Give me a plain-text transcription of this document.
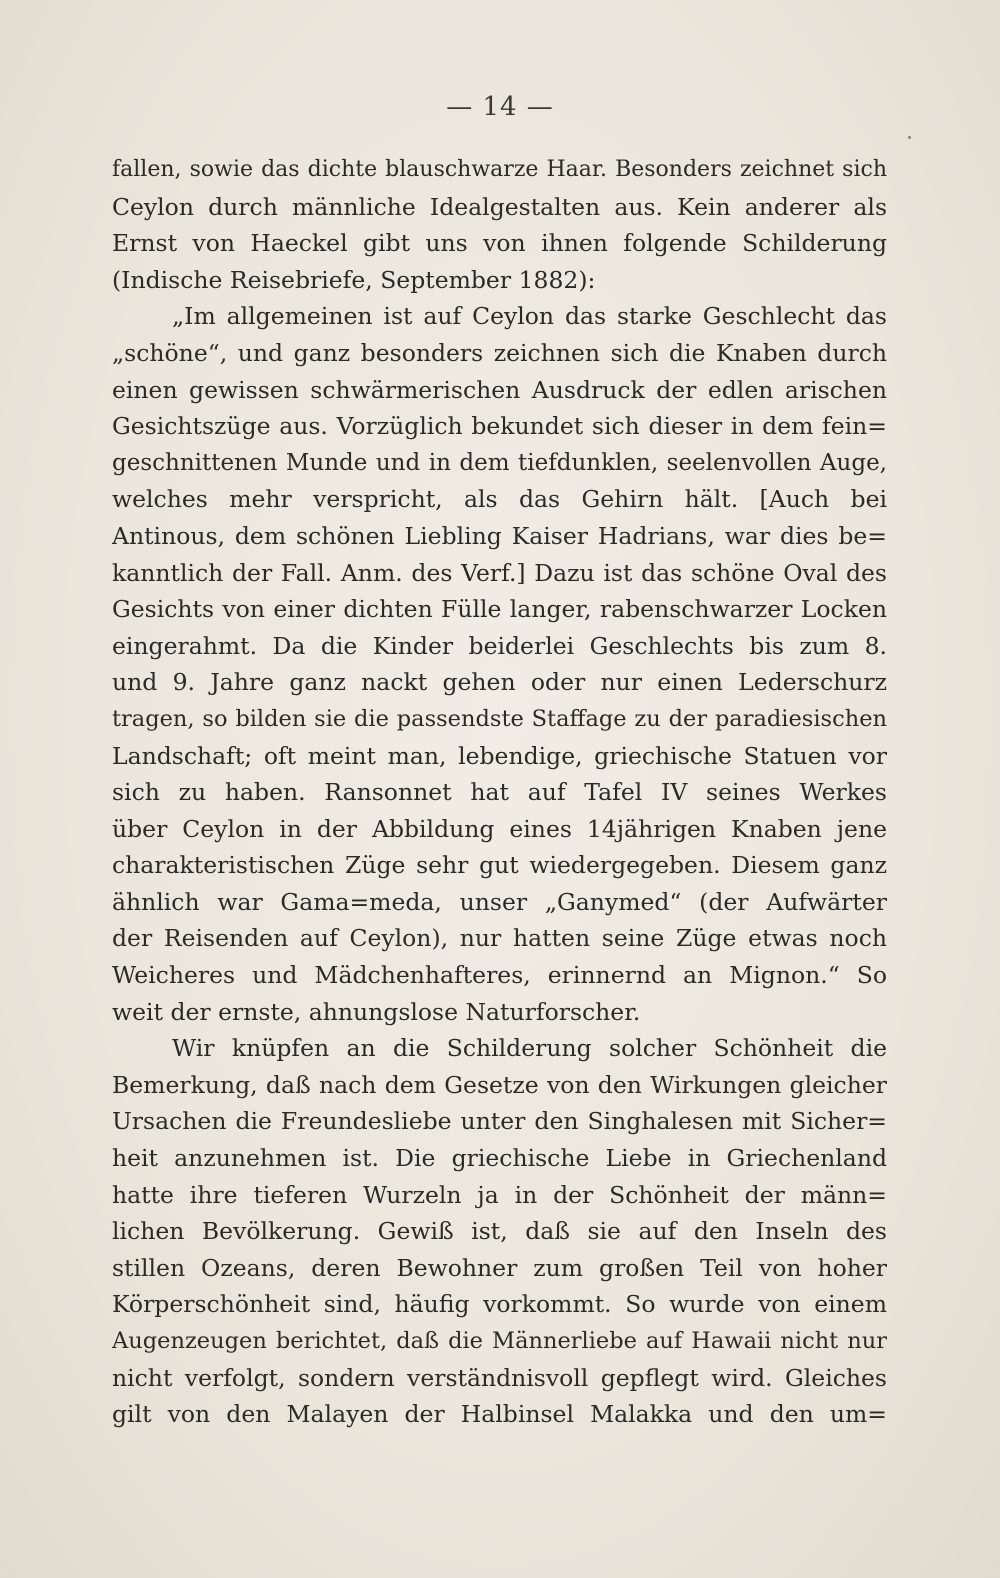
— 14 —
fallen, sowie das dichte blauschwarze Haar. Besonders zeichnet sich
Ceylon durch männliche Idealgestalten aus. Kein anderer als
Ernst von Haeckel gibt uns von ihnen folgende Schilderung
(Indische Reisebriefe, September 1882):
„Im allgemeinen ist auf Ceylon das starke Geschlecht das
„schöne“, und ganz besonders zeichnen sich die Knaben durch
einen gewissen schwärmerischen Ausdruck der edlen arischen
Gesichtszüge aus. Vorzüglich bekundet sich dieser in dem fein=
geschnittenen Munde und in dem tiefdunklen, seelenvollen Auge,
welches mehr verspricht, als das Gehirn hält. [Auch bei
Antinous, dem schönen Liebling Kaiser Hadrians, war dies be=
kanntlich der Fall. Anm. des Verf.] Dazu ist das schöne Oval des
Gesichts von einer dichten Fülle langer, rabenschwarzer Locken
eingerahmt. Da die Kinder beiderlei Geschlechts bis zum 8.
und 9. Jahre ganz nackt gehen oder nur einen Lederschurz
tragen, so bilden sie die passendste Staffage zu der paradiesischen
Landschaft; oft meint man, lebendige, griechische Statuen vor
sich zu haben. Ransonnet hat auf Tafel IV seines Werkes
über Ceylon in der Abbildung eines 14jährigen Knaben jene
charakteristischen Züge sehr gut wiedergegeben. Diesem ganz
ähnlich war Gama=meda, unser „Ganymed“ (der Aufwärter
der Reisenden auf Ceylon), nur hatten seine Züge etwas noch
Weicheres und Mädchenhafteres, erinnernd an Mignon.“ So
weit der ernste, ahnungslose Naturforscher.
Wir knüpfen an die Schilderung solcher Schönheit die
Bemerkung, daß nach dem Gesetze von den Wirkungen gleicher
Ursachen die Freundesliebe unter den Singhalesen mit Sicher=
heit anzunehmen ist. Die griechische Liebe in Griechenland
hatte ihre tieferen Wurzeln ja in der Schönheit der männ=
lichen Bevölkerung. Gewiß ist, daß sie auf den Inseln des
stillen Ozeans, deren Bewohner zum großen Teil von hoher
Körperschönheit sind, häufig vorkommt. So wurde von einem
Augenzeugen berichtet, daß die Männerliebe auf Hawaii nicht nur
nicht verfolgt, sondern verständnisvoll gepflegt wird. Gleiches
gilt von den Malayen der Halbinsel Malakka und den um=
